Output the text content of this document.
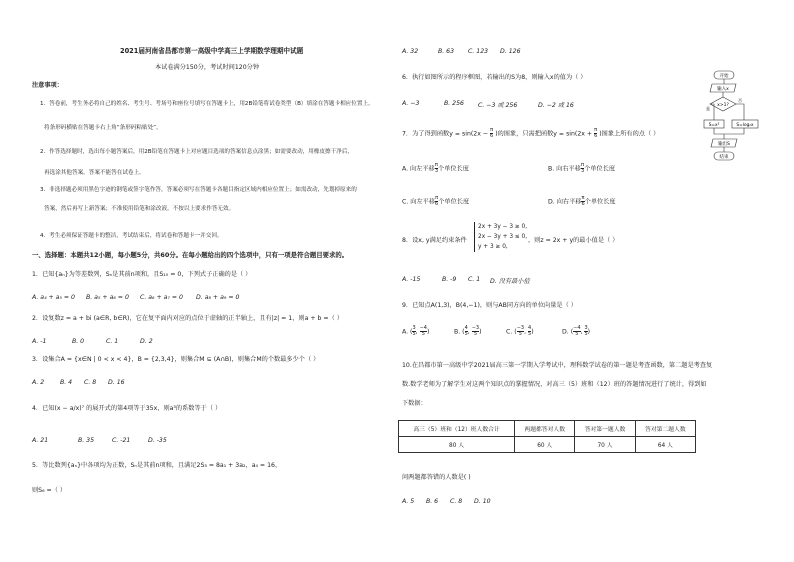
2021届河南省昌都市第一高级中学高三上学期数学理期中试题
本试卷满分150分，考试时间120分钟
注意事项：
1．答卷前，考生务必将自己的姓名、考生号、考场号和座位号填写在答题卡上，用2B铅笔将试卷类型（B）填涂在答题卡相应位置上。
将条形码横贴在答题卡右上角“条形码粘贴处”。
2．作答选择题时，选出每小题答案后，用2B铅笔在答题卡上对应题目选项的答案信息点涂黑；如需要改动，用橡皮擦干净后，
再选涂其他答案。答案不能答在试卷上。
3．非选择题必须用黑色字迹的钢笔或签字笔作答，答案必须写在答题卡各题目指定区域内相应位置上；如需改动，先划掉原来的
答案，然后再写上新答案；不准使用铅笔和涂改液。不按以上要求作答无效。
4．考生必须保证答题卡的整洁，考试结束后，将试卷和答题卡一并交回。
一、选择题：本题共12小题，每小题5分，共60分。在每小题给出的四个选项中，只有一项是符合题目要求的。
1．已知{aₙ}为等差数列，Sₙ是其前n项和，且S₁₀ = 0，下列式子正确的是（ ）
A. a₄ + a₅ = 0 B. a₅ + a₆ = 0 C. a₆ + a₇ = 0 D. a₈ + a₉ = 0
2．设复数z = a + bi (a∈R, b∈R)，它在复平面内对应的点位于虚轴的正半轴上，且有|z| = 1，则a + b =（ ）
A. -1	B. 0	C. 1	D. 2
3．设集合A = {x∈N | 0 < x < 4}，B = {2,3,4}，则集合M ⊆ (A∩B)，则集合M的个数最多少个（ ）
A. 2	B. 4 C. 8 D. 16
4．已知(x − a/x)⁷ 的展开式的第4项等于35x，则a³的系数等于（ ）
A. 21	B. 35	C. -21	D. -35
5．等比数列{aₙ}中各项均为正数，Sₙ是其前n项和，且满足2S₃ = 8a₁ + 3a₂，a₄ = 16，
则S₆ =（ ）
A. 32	B. 63 C. 123 D. 126
6．执行如图所示的程序框图，若输出的S为8，则输入x的值为（ ）
A. −3	B. 256 C. −3 或 256	D. −2 或 16
开始
输入x
x>1?
是
否
S=x²	S=log₂x
输出S
结束
7．为了得到函数$y = \sin(2x - \frac{\pi}{6}$ )的图象，只需把函数$y = \sin(2x + \frac{\pi}{6}$ )图象上所有的点（ ）
A. 向左平移 $\frac{\pi}{3}$ 个单位长度	B. 向右平移 $\frac{\pi}{3}$ 个单位长度
C. 向左平移 $\frac{\pi}{6}$ 个单位长度	D. 向右平移 $\frac{\pi}{6}$ 个单位长度
8．设x, y满足约束条件
2x + 3y − 3 ≥ 0,
2x − 3y + 3 ≤ 0,
y + 3 ≥ 0,
，则z = 2x + y的最小值是（ ）
A. -15	B. -9 C. 1 D. 没有最小值
9．已知点A(1,3)，B(4,−1)，则与AB同方向的单位向量是（ ）
A. ( $\frac{3}{5}$ , $\frac{-4}{5}$ )	B. ( $\frac{4}{5}$ , $\frac{-3}{5}$ )	C. ( $\frac{-3}{5}$ , $\frac{4}{5}$ )	D. ( $\frac{-4}{5}$ , $\frac{3}{5}$ )
10.在昌都市第一高级中学2021届高三第一学期入学考试中，理科数学试卷的第一题是考查函数，第二题是考查复
数.数学老师为了解学生对这两个知识点的掌握情况，对高三（5）班和（12）班的答题情况进行了统计，得到如
下数据：
高三（5）班和（12）班人数合计	两题都答对人数	答对第一题人数	答对第二题人数
80 人	60 人	70 人	64 人
问两题都答错的人数是( )
A. 5 B. 6 C. 8 D. 10
